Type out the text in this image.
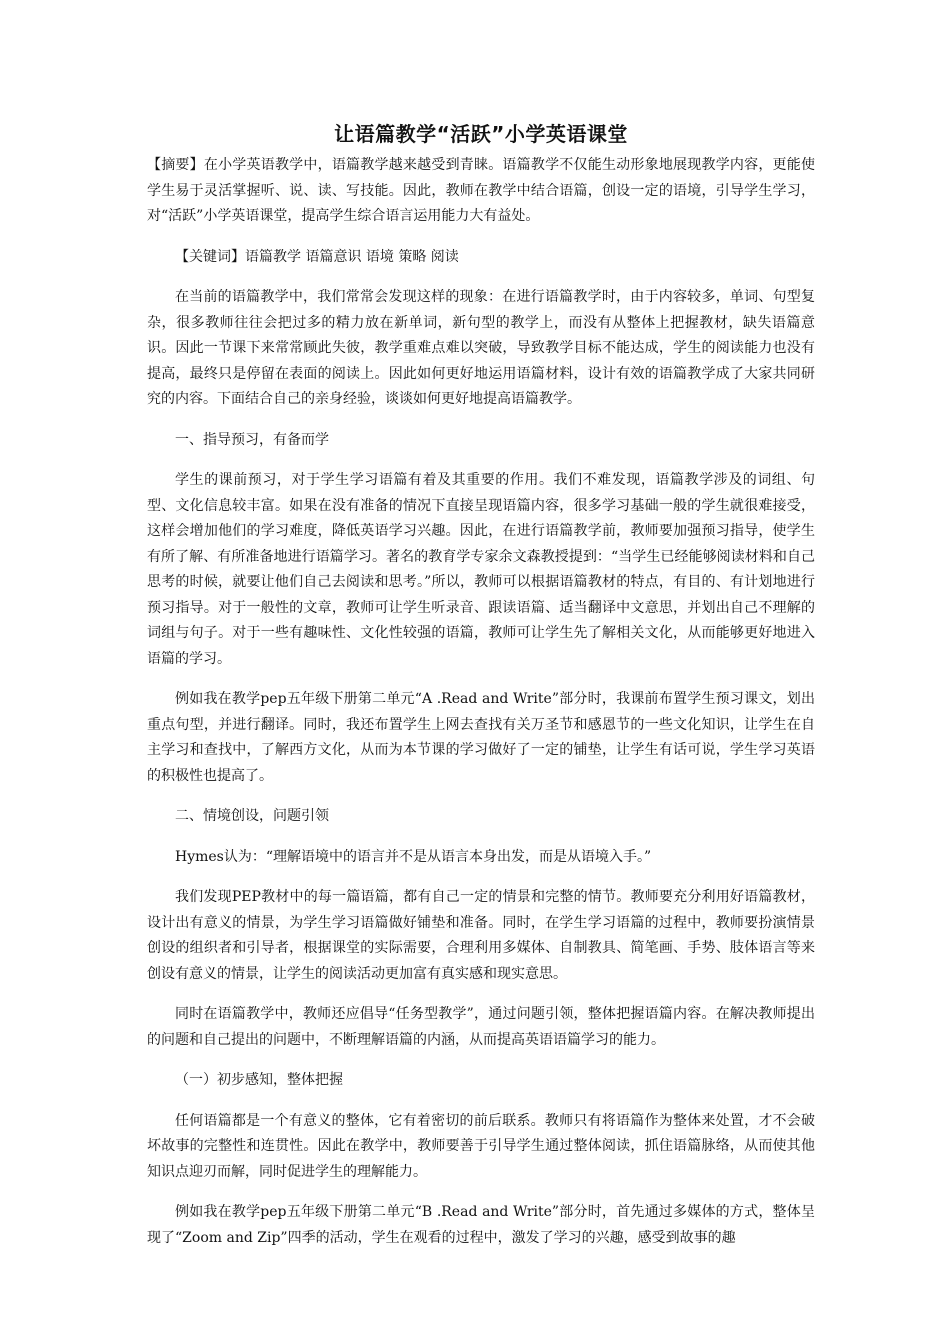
让语篇教学“活跃”小学英语课堂

【摘要】在小学英语教学中，语篇教学越来越受到青睐。语篇教学不仅能生动形象地展现教学内容，更能使学生易于灵活掌握听、说、读、写技能。因此，教师在教学中结合语篇，创设一定的语境，引导学生学习，对“活跃”小学英语课堂，提高学生综合语言运用能力大有益处。

【关键词】语篇教学 语篇意识 语境 策略 阅读

在当前的语篇教学中，我们常常会发现这样的现象：在进行语篇教学时，由于内容较多，单词、句型复杂，很多教师往往会把过多的精力放在新单词，新句型的教学上，而没有从整体上把握教材，缺失语篇意识。因此一节课下来常常顾此失彼，教学重难点难以突破，导致教学目标不能达成，学生的阅读能力也没有提高，最终只是停留在表面的阅读上。因此如何更好地运用语篇材料，设计有效的语篇教学成了大家共同研究的内容。下面结合自己的亲身经验，谈谈如何更好地提高语篇教学。

一、指导预习，有备而学

学生的课前预习，对于学生学习语篇有着及其重要的作用。我们不难发现，语篇教学涉及的词组、句型、文化信息较丰富。如果在没有准备的情况下直接呈现语篇内容，很多学习基础一般的学生就很难接受，这样会增加他们的学习难度，降低英语学习兴趣。因此，在进行语篇教学前，教师要加强预习指导，使学生有所了解、有所准备地进行语篇学习。著名的教育学专家余文森教授提到：“当学生已经能够阅读材料和自己思考的时候，就要让他们自己去阅读和思考。”所以，教师可以根据语篇教材的特点，有目的、有计划地进行预习指导。对于一般性的文章，教师可让学生听录音、跟读语篇、适当翻译中文意思，并划出自己不理解的词组与句子。对于一些有趣味性、文化性较强的语篇，教师可让学生先了解相关文化，从而能够更好地进入语篇的学习。

例如我在教学pep五年级下册第二单元“A .Read and Write”部分时，我课前布置学生预习课文，划出重点句型，并进行翻译。同时，我还布置学生上网去查找有关万圣节和感恩节的一些文化知识，让学生在自主学习和查找中，了解西方文化，从而为本节课的学习做好了一定的铺垫，让学生有话可说，学生学习英语的积极性也提高了。

二、情境创设，问题引领

Hymes认为：“理解语境中的语言并不是从语言本身出发，而是从语境入手。”

我们发现PEP教材中的每一篇语篇，都有自己一定的情景和完整的情节。教师要充分利用好语篇教材，设计出有意义的情景，为学生学习语篇做好铺垫和准备。同时，在学生学习语篇的过程中，教师要扮演情景创设的组织者和引导者，根据课堂的实际需要，合理利用多媒体、自制教具、简笔画、手势、肢体语言等来创设有意义的情景，让学生的阅读活动更加富有真实感和现实意思。

同时在语篇教学中，教师还应倡导“任务型教学”，通过问题引领，整体把握语篇内容。在解决教师提出的问题和自己提出的问题中，不断理解语篇的内涵，从而提高英语语篇学习的能力。

（一）初步感知，整体把握

任何语篇都是一个有意义的整体，它有着密切的前后联系。教师只有将语篇作为整体来处置，才不会破坏故事的完整性和连贯性。因此在教学中，教师要善于引导学生通过整体阅读，抓住语篇脉络，从而使其他知识点迎刃而解，同时促进学生的理解能力。

例如我在教学pep五年级下册第二单元“B .Read and Write”部分时，首先通过多媒体的方式，整体呈现了“Zoom and Zip”四季的活动，学生在观看的过程中，激发了学习的兴趣，感受到故事的趣
